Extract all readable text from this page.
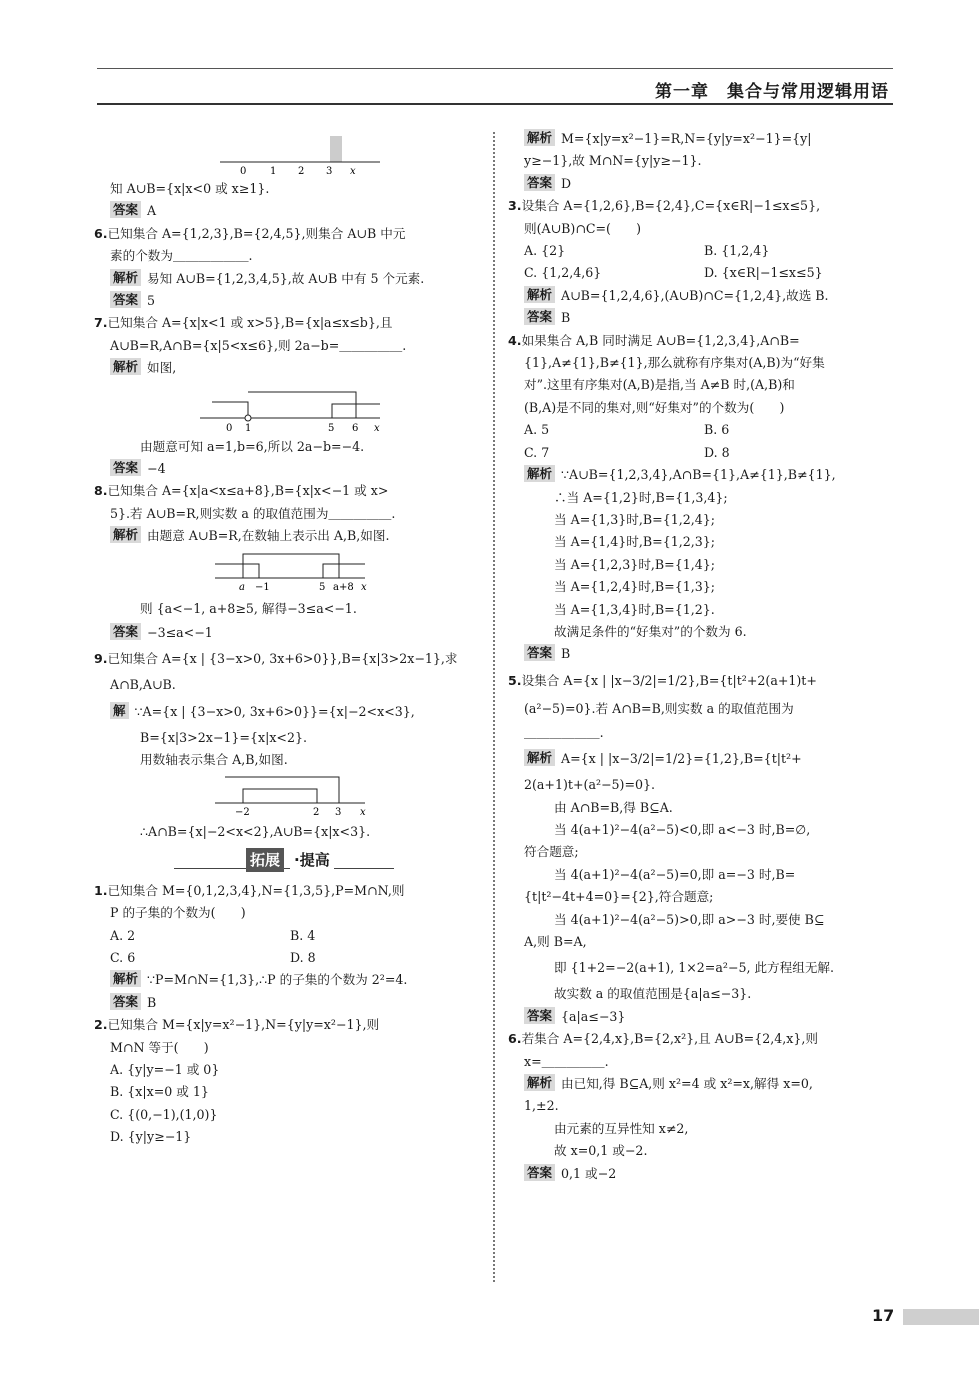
第一章　集合与常用逻辑用语
0 1 2 3 x
知 A∪B={x|x<0 或 x≥1}.
答案 A
6.已知集合 A={1,2,3},B={2,4,5},则集合 A∪B 中元
素的个数为＿＿＿＿＿＿.
解析 易知 A∪B={1,2,3,4,5},故 A∪B 中有 5 个元素.
答案 5
7.已知集合 A={x|x<1 或 x>5},B={x|a≤x≤b},且
A∪B=R,A∩B={x|5<x≤6},则 2a−b=＿＿＿＿＿.
解析 如图,
0 1	5 6 x
由题意可知 a=1,b=6,所以 2a−b=−4.
答案 −4
8.已知集合 A={x|a<x≤a+8},B={x|x<−1 或 x>
5}.若 A∪B=R,则实数 a 的取值范围为＿＿＿＿＿.
解析 由题意 A∪B=R,在数轴上表示出 A,B,如图.
a −1	5 a+8 x
则 {a<−1, a+8≥5, 解得−3≤a<−1.
答案 −3≤a<−1
9.已知集合 A={x | {3−x>0, 3x+6>0}},B={x|3>2x−1},求
A∩B,A∪B.
解 ∵A={x | {3−x>0, 3x+6>0}}={x|−2<x<3},
B={x|3>2x−1}={x|x<2}.
用数轴表示集合 A,B,如图.
−2	2 3 x
∴A∩B={x|−2<x<2},A∪B={x|x<3}.
拓展 ·提高
1.已知集合 M={0,1,2,3,4},N={1,3,5},P=M∩N,则
P 的子集的个数为(　　)
A. 2	B. 4
C. 6	D. 8
解析 ∵P=M∩N={1,3},∴P 的子集的个数为 2²=4.
答案 B
2.已知集合 M={x|y=x²−1},N={y|y=x²−1},则
M∩N 等于(　　)
A. {y|y=−1 或 0}
B. {x|x=0 或 1}
C. {(0,−1),(1,0)}
D. {y|y≥−1}
解析 M={x|y=x²−1}=R,N={y|y=x²−1}={y|
y≥−1},故 M∩N={y|y≥−1}.
答案 D
3.设集合 A={1,2,6},B={2,4},C={x∈R|−1≤x≤5},
则(A∪B)∩C=(　　)
A. {2}	B. {1,2,4}
C. {1,2,4,6}	D. {x∈R|−1≤x≤5}
解析 A∪B={1,2,4,6},(A∪B)∩C={1,2,4},故选 B.
答案 B
4.如果集合 A,B 同时满足 A∪B={1,2,3,4},A∩B=
{1},A≠{1},B≠{1},那么就称有序集对(A,B)为“好集
对”.这里有序集对(A,B)是指,当 A≠B 时,(A,B)和
(B,A)是不同的集对,则“好集对”的个数为(　　)
A. 5	B. 6
C. 7	D. 8
解析 ∵A∪B={1,2,3,4},A∩B={1},A≠{1},B≠{1},
∴当 A={1,2}时,B={1,3,4};
当 A={1,3}时,B={1,2,4};
当 A={1,4}时,B={1,2,3};
当 A={1,2,3}时,B={1,4};
当 A={1,2,4}时,B={1,3};
当 A={1,3,4}时,B={1,2}.
故满足条件的“好集对”的个数为 6.
答案 B
5.设集合 A={x | |x−3/2|=1/2},B={t|t²+2(a+1)t+
(a²−5)=0}.若 A∩B=B,则实数 a 的取值范围为
＿＿＿＿＿＿.
解析 A={x | |x−3/2|=1/2}={1,2},B={t|t²+
2(a+1)t+(a²−5)=0}.
由 A∩B=B,得 B⊆A.
当 4(a+1)²−4(a²−5)<0,即 a<−3 时,B=∅,
符合题意;
当 4(a+1)²−4(a²−5)=0,即 a=−3 时,B=
{t|t²−4t+4=0}={2},符合题意;
当 4(a+1)²−4(a²−5)>0,即 a>−3 时,要使 B⊆
A,则 B=A,
即 {1+2=−2(a+1), 1×2=a²−5, 此方程组无解.
故实数 a 的取值范围是{a|a≤−3}.
答案 {a|a≤−3}
6.若集合 A={2,4,x},B={2,x²},且 A∪B={2,4,x},则
x=＿＿＿＿＿.
解析 由已知,得 B⊆A,则 x²=4 或 x²=x,解得 x=0,
1,±2.
由元素的互异性知 x≠2,
故 x=0,1 或−2.
答案 0,1 或−2
17
